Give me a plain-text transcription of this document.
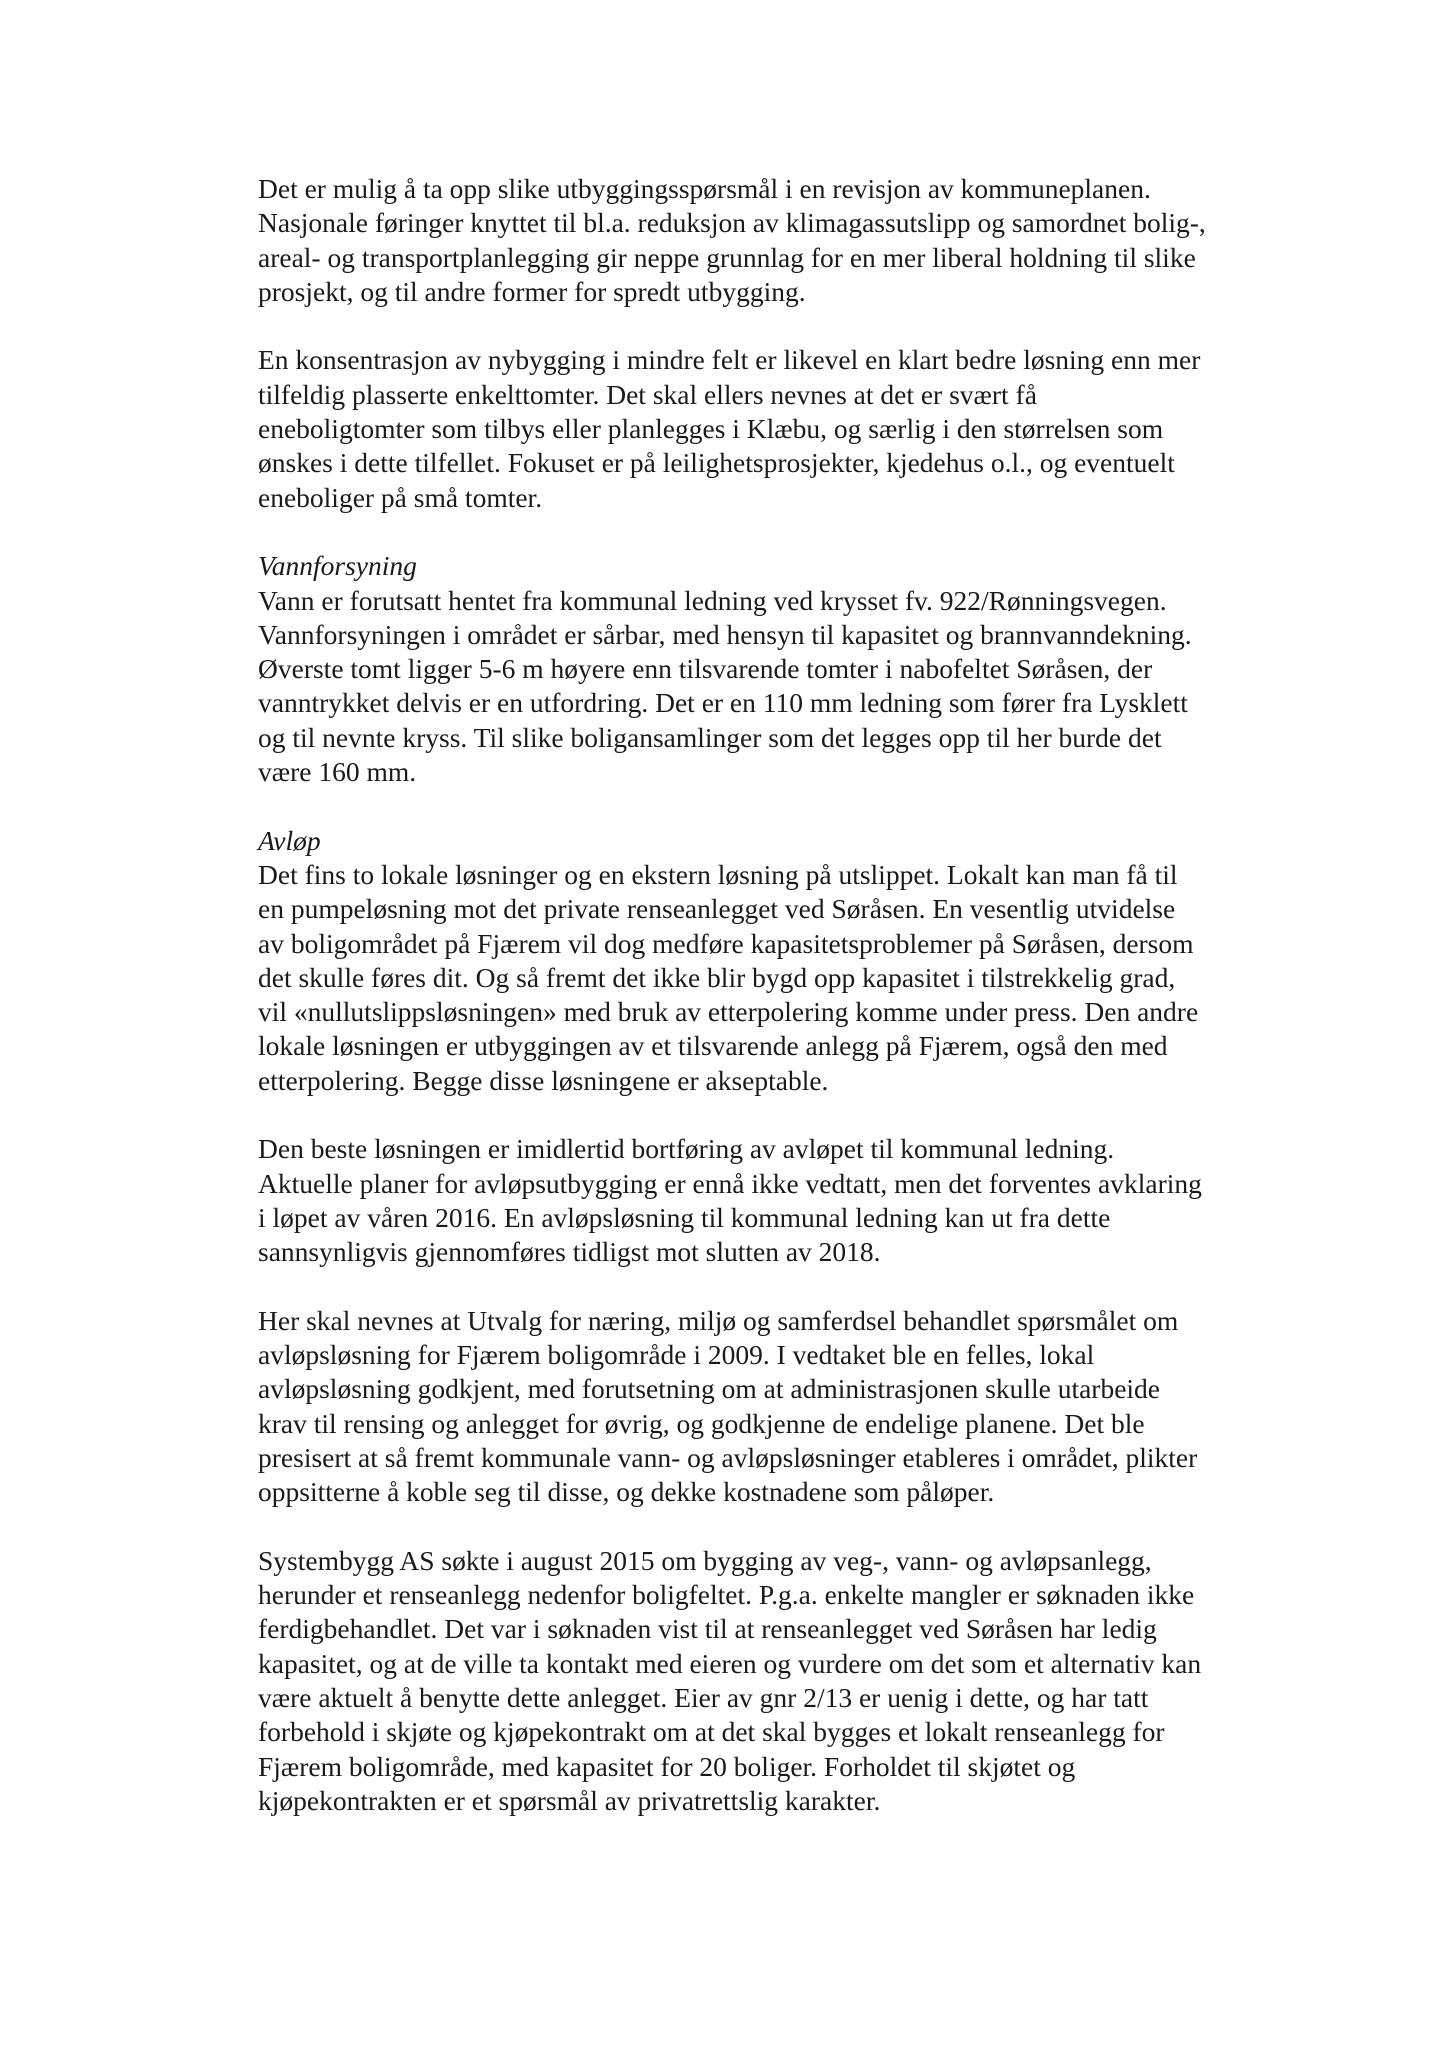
Det er mulig å ta opp slike utbyggingsspørsmål i en revisjon av kommuneplanen.
Nasjonale føringer knyttet til bl.a. reduksjon av klimagassutslipp og samordnet bolig-,
areal- og transportplanlegging gir neppe grunnlag for en mer liberal holdning til slike
prosjekt, og til andre former for spredt utbygging.
En konsentrasjon av nybygging i mindre felt er likevel en klart bedre løsning enn mer
tilfeldig plasserte enkelttomter. Det skal ellers nevnes at det er svært få
eneboligtomter som tilbys eller planlegges i Klæbu, og særlig i den størrelsen som
ønskes i dette tilfellet. Fokuset er på leilighetsprosjekter, kjedehus o.l., og eventuelt
eneboliger på små tomter.
Vannforsyning
Vann er forutsatt hentet fra kommunal ledning ved krysset fv. 922/Rønningsvegen.
Vannforsyningen i området er sårbar, med hensyn til kapasitet og brannvanndekning.
Øverste tomt ligger 5-6 m høyere enn tilsvarende tomter i nabofeltet Søråsen, der
vanntrykket delvis er en utfordring. Det er en 110 mm ledning som fører fra Lysklett
og til nevnte kryss. Til slike boligansamlinger som det legges opp til her burde det
være 160 mm.
Avløp
Det fins to lokale løsninger og en ekstern løsning på utslippet. Lokalt kan man få til
en pumpeløsning mot det private renseanlegget ved Søråsen. En vesentlig utvidelse
av boligområdet på Fjærem vil dog medføre kapasitetsproblemer på Søråsen, dersom
det skulle føres dit. Og så fremt det ikke blir bygd opp kapasitet i tilstrekkelig grad,
vil «nullutslippsløsningen» med bruk av etterpolering komme under press. Den andre
lokale løsningen er utbyggingen av et tilsvarende anlegg på Fjærem, også den med
etterpolering. Begge disse løsningene er akseptable.
Den beste løsningen er imidlertid bortføring av avløpet til kommunal ledning.
Aktuelle planer for avløpsutbygging er ennå ikke vedtatt, men det forventes avklaring
i løpet av våren 2016. En avløpsløsning til kommunal ledning kan ut fra dette
sannsynligvis gjennomføres tidligst mot slutten av 2018.
Her skal nevnes at Utvalg for næring, miljø og samferdsel behandlet spørsmålet om
avløpsløsning for Fjærem boligområde i 2009. I vedtaket ble en felles, lokal
avløpsløsning godkjent, med forutsetning om at administrasjonen skulle utarbeide
krav til rensing og anlegget for øvrig, og godkjenne de endelige planene. Det ble
presisert at så fremt kommunale vann- og avløpsløsninger etableres i området, plikter
oppsitterne å koble seg til disse, og dekke kostnadene som påløper.
Systembygg AS søkte i august 2015 om bygging av veg-, vann- og avløpsanlegg,
herunder et renseanlegg nedenfor boligfeltet. P.g.a. enkelte mangler er søknaden ikke
ferdigbehandlet. Det var i søknaden vist til at renseanlegget ved Søråsen har ledig
kapasitet, og at de ville ta kontakt med eieren og vurdere om det som et alternativ kan
være aktuelt å benytte dette anlegget. Eier av gnr 2/13 er uenig i dette, og har tatt
forbehold i skjøte og kjøpekontrakt om at det skal bygges et lokalt renseanlegg for
Fjærem boligområde, med kapasitet for 20 boliger. Forholdet til skjøtet og
kjøpekontrakten er et spørsmål av privatrettslig karakter.
